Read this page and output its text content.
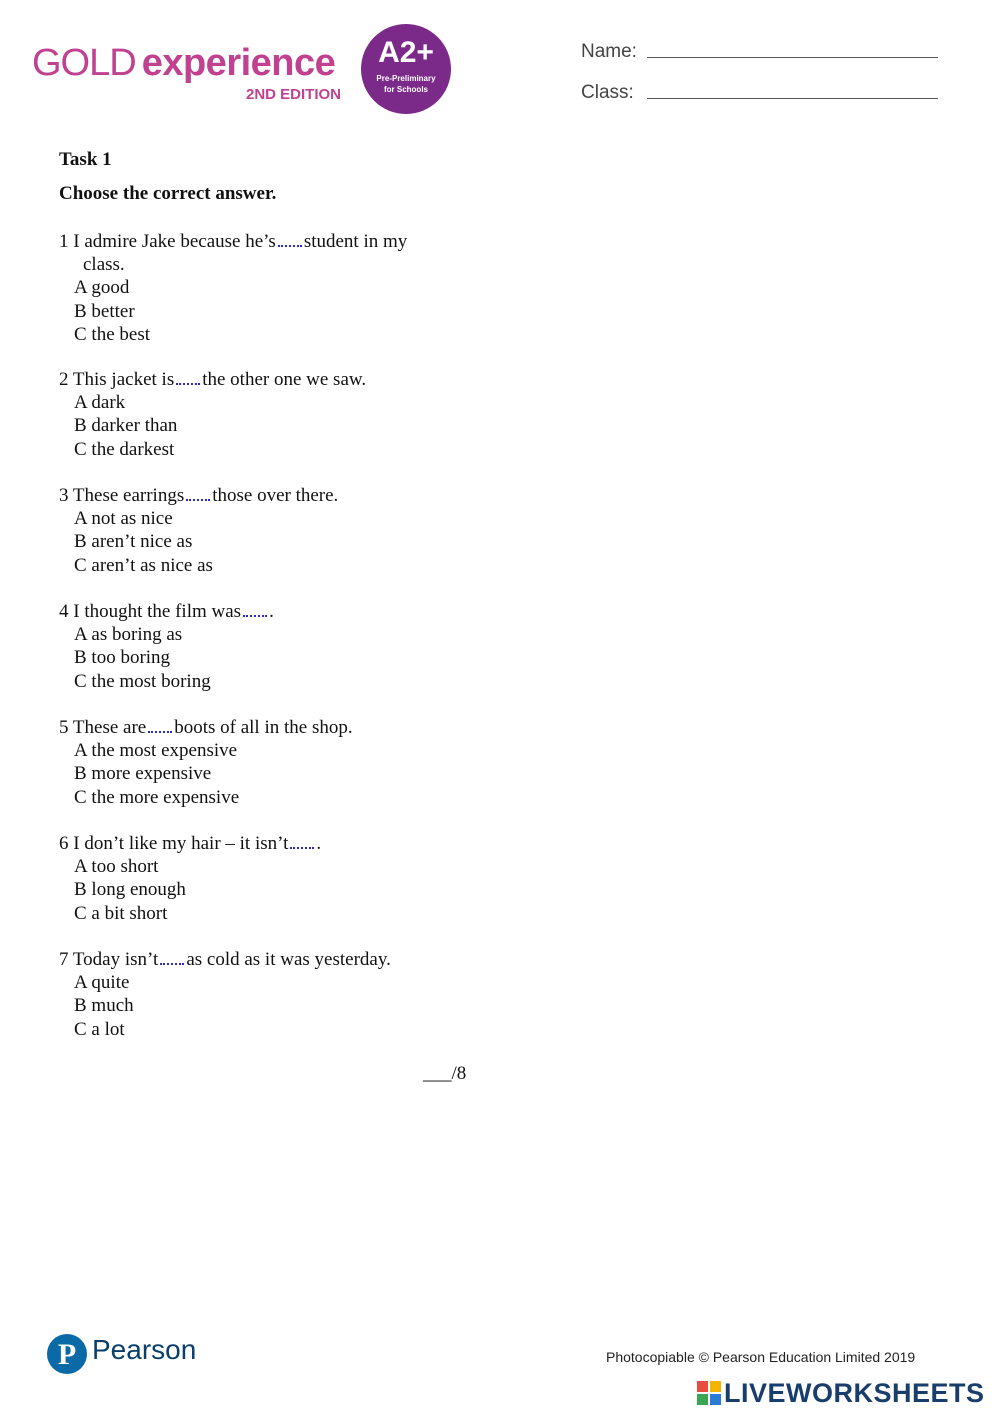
GOLD experience
2ND EDITION
A2+
Pre-Preliminary
for Schools
Name:
Class:
Task 1
Choose the correct answer.
1 I admire Jake because he’s student in my
class.
A good
B better
C the best
2 This jacket is the other one we saw.
A dark
B darker than
C the darkest
3 These earrings those over there.
A not as nice
B aren’t nice as
C aren’t as nice as
4 I thought the film was .
A as boring as
B too boring
C the most boring
5 These are boots of all in the shop.
A the most expensive
B more expensive
C the more expensive
6 I don’t like my hair – it isn’t .
A too short
B long enough
C a bit short
7 Today isn’t as cold as it was yesterday.
A quite
B much
C a lot
___/8
P Pearson	Photocopiable © Pearson Education Limited 2019
LIVEWORKSHEETS
